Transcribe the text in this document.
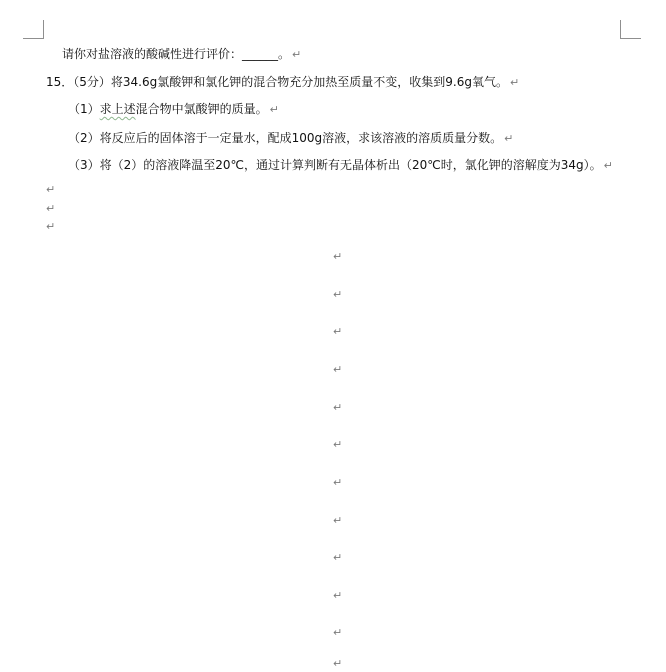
请你对盐溶液的酸碱性进行评价：______。 ↵
15．（5分）将34.6g氯酸钾和氯化钾的混合物充分加热至质量不变，收集到9.6g氧气。 ↵
（1）求上述混合物中氯酸钾的质量。 ↵
（2）将反应后的固体溶于一定量水，配成100g溶液，求该溶液的溶质质量分数。 ↵
（3）将（2）的溶液降温至20℃，通过计算判断有无晶体析出（20℃时，氯化钾的溶解度为34g）。 ↵
↵
↵
↵
↵
↵
↵
↵
↵
↵
↵
↵
↵
↵
↵
↵
